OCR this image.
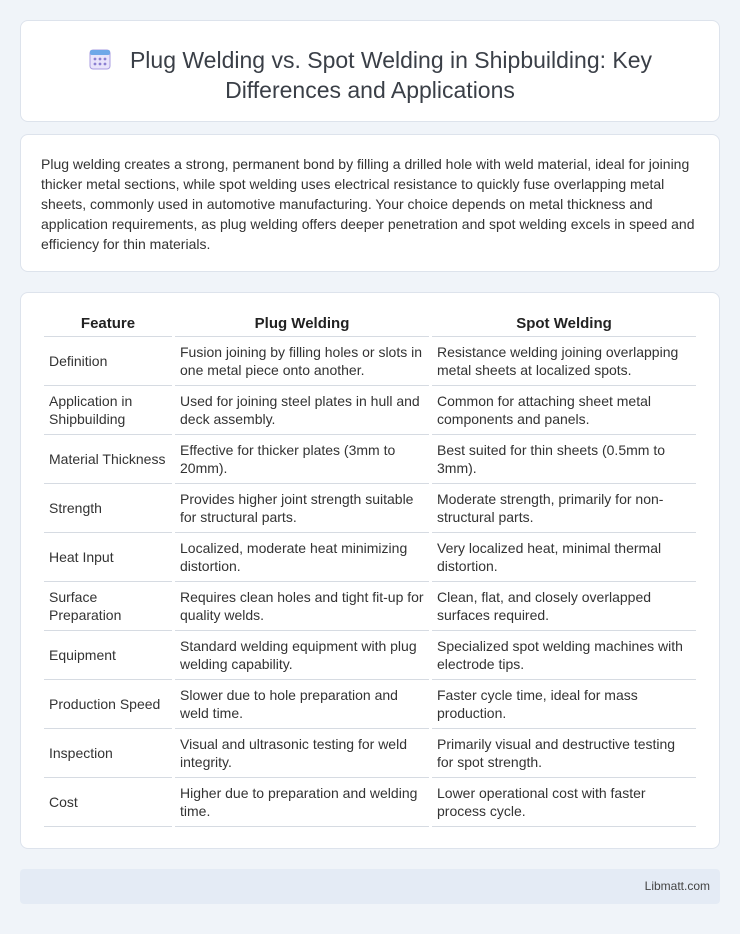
Plug Welding vs. Spot Welding in Shipbuilding: Key Differences and Applications

Plug welding creates a strong, permanent bond by filling a drilled hole with weld material, ideal for joining thicker metal sections, while spot welding uses electrical resistance to quickly fuse overlapping metal sheets, commonly used in automotive manufacturing. Your choice depends on metal thickness and application requirements, as plug welding offers deeper penetration and spot welding excels in speed and efficiency for thin materials.

Feature	Plug Welding	Spot Welding
Definition	Fusion joining by filling holes or slots in one metal piece onto another.	Resistance welding joining overlapping metal sheets at localized spots.
Application in Shipbuilding	Used for joining steel plates in hull and deck assembly.	Common for attaching sheet metal components and panels.
Material Thickness	Effective for thicker plates (3mm to 20mm).	Best suited for thin sheets (0.5mm to 3mm).
Strength	Provides higher joint strength suitable for structural parts.	Moderate strength, primarily for non-structural parts.
Heat Input	Localized, moderate heat minimizing distortion.	Very localized heat, minimal thermal distortion.
Surface Preparation	Requires clean holes and tight fit-up for quality welds.	Clean, flat, and closely overlapped surfaces required.
Equipment	Standard welding equipment with plug welding capability.	Specialized spot welding machines with electrode tips.
Production Speed	Slower due to hole preparation and weld time.	Faster cycle time, ideal for mass production.
Inspection	Visual and ultrasonic testing for weld integrity.	Primarily visual and destructive testing for spot strength.
Cost	Higher due to preparation and welding time.	Lower operational cost with faster process cycle.
Libmatt.com
